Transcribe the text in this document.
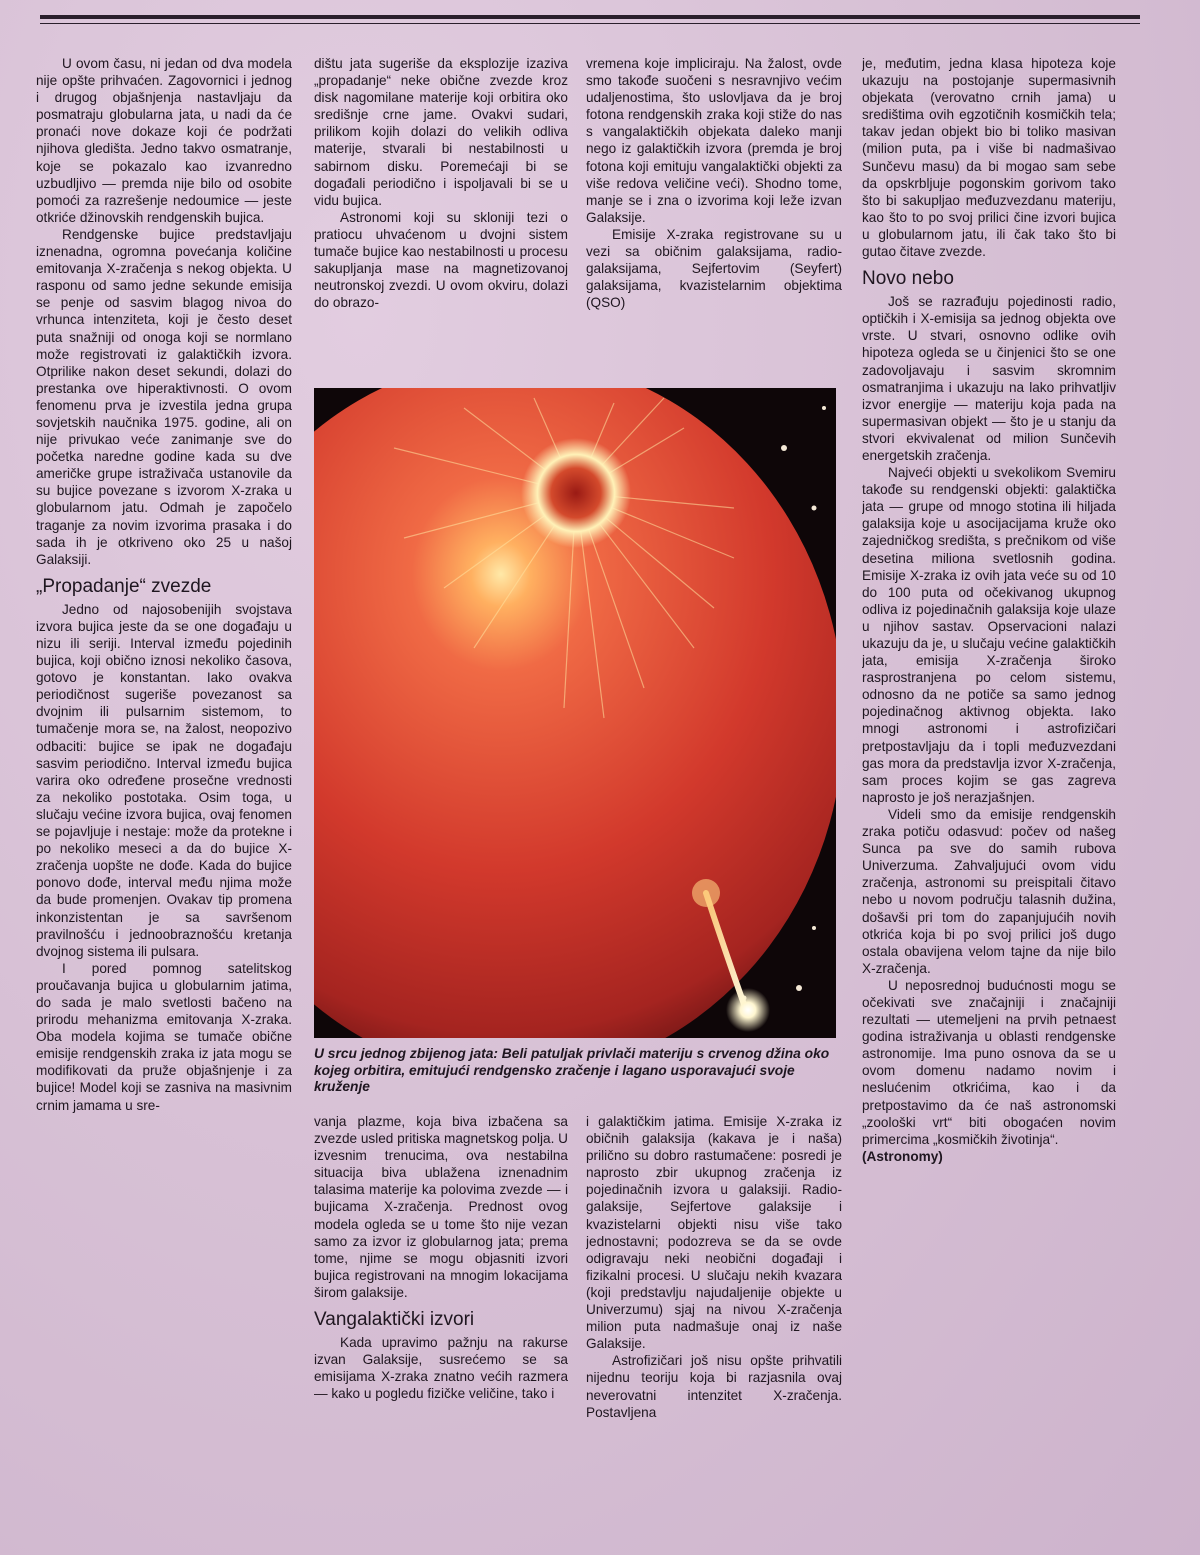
U ovom času, ni jedan od dva modela nije opšte prihvaćen. Zagovornici i jednog i drugog objašnjenja nastavljaju da posmatraju globularna jata, u nadi da će pronaći nove dokaze koji će podržati njihova gledišta. Jedno takvo osmatranje, koje se pokazalo kao izvanredno uzbudljivo — premda nije bilo od osobite pomoći za razrešenje nedoumice — jeste otkriće džinovskih rendgenskih bujica.

Rendgenske bujice predstavljaju iznenadna, ogromna povećanja količine emitovanja X-zračenja s nekog objekta. U rasponu od samo jedne sekunde emisija se penje od sasvim blagog nivoa do vrhunca intenziteta, koji je često deset puta snažniji od onoga koji se normlano može registrovati iz galaktičkih izvora. Otprilike nakon deset sekundi, dolazi do prestanka ove hiperaktivnosti. O ovom fenomenu prva je izvestila jedna grupa sovjetskih naučnika 1975. godine, ali on nije privukao veće zanimanje sve do početka naredne godine kada su dve američke grupe istraživača ustanovile da su bujice povezane s izvorom X-zraka u globularnom jatu. Odmah je započelo traganje za novim izvorima prasaka i do sada ih je otkriveno oko 25 u našoj Galaksiji.

„Propadanje“ zvezde

Jedno od najosobenijih svojstava izvora bujica jeste da se one događaju u nizu ili seriji. Interval između pojedinih bujica, koji obično iznosi nekoliko časova, gotovo je konstantan. Iako ovakva periodičnost sugeriše povezanost sa dvojnim ili pulsarnim sistemom, to tumačenje mora se, na žalost, neopozivo odbaciti: bujice se ipak ne događaju sasvim periodično. Interval između bujica varira oko određene prosečne vrednosti za nekoliko postotaka. Osim toga, u slučaju većine izvora bujica, ovaj fenomen se pojavljuje i nestaje: može da protekne i po nekoliko meseci a da do bujice X-zračenja uopšte ne dođe. Kada do bujice ponovo dođe, interval među njima može da bude promenjen. Ovakav tip promena inkonzistentan je sa savršenom pravilnošću i jednoobraznošću kretanja dvojnog sistema ili pulsara.

I pored pomnog satelitskog proučavanja bujica u globularnim jatima, do sada je malo svetlosti bačeno na prirodu mehanizma emitovanja X-zraka. Oba modela kojima se tumače obične emisije rendgenskih zraka iz jata mogu se modifikovati da pruže objašnjenje i za bujice! Model koji se zasniva na masivnim crnim jamama u sre-

dištu jata sugeriše da eksplozije izaziva „propadanje“ neke obične zvezde kroz disk nagomilane materije koji orbitira oko središnje crne jame. Ovakvi sudari, prilikom kojih dolazi do velikih odliva materije, stvarali bi nestabilnosti u sabirnom disku. Poremećaji bi se događali periodično i ispoljavali bi se u vidu bujica.

Astronomi koji su skloniji tezi o pratiocu uhvaćenom u dvojni sistem tumače bujice kao nestabilnosti u procesu sakupljanja mase na magnetizovanoj neutronskoj zvezdi. U ovom okviru, dolazi do obrazo-

vremena koje impliciraju. Na žalost, ovde smo takođe suočeni s nesravnjivo većim udaljenostima, što uslovljava da je broj fotona rendgenskih zraka koji stiže do nas s vangalaktičkih objekata daleko manji nego iz galaktičkih izvora (premda je broj fotona koji emituju vangalaktički objekti za više redova veličine veći). Shodno tome, manje se i zna o izvorima koji leže izvan Galaksije.

Emisije X-zraka registrovane su u vezi sa običnim galaksijama, radio-galaksijama, Sejfertovim (Seyfert) galaksijama, kvazistelarnim objektima (QSO)

je, međutim, jedna klasa hipoteza koje ukazuju na postojanje supermasivnih objekata (verovatno crnih jama) u središtima ovih egzotičnih kosmičkih tela; takav jedan objekt bio bi toliko masivan (milion puta, pa i više bi nadmašivao Sunčevu masu) da bi mogao sam sebe da opskrbljuje pogonskim gorivom tako što bi sakupljao međuzvezdanu materiju, kao što to po svoj prilici čine izvori bujica u globularnom jatu, ili čak tako što bi gutao čitave zvezde.

Novo nebo

Još se razrađuju pojedinosti radio, optičkih i X-emisija sa jednog objekta ove vrste. U stvari, osnovno odlike ovih hipoteza ogleda se u činjenici što se one zadovoljavaju i sasvim skromnim osmatranjima i ukazuju na lako prihvatljiv izvor energije — materiju koja pada na supermasivan objekt — što je u stanju da stvori ekvivalenat od milion Sunčevih energetskih zračenja.

Najveći objekti u svekolikom Svemiru takođe su rendgenski objekti: galaktička jata — grupe od mnogo stotina ili hiljada galaksija koje u asocijacijama kruže oko zajedničkog središta, s prečnikom od više desetina miliona svetlosnih godina. Emisije X-zraka iz ovih jata veće su od 10 do 100 puta od očekivanog ukupnog odliva iz pojedinačnih galaksija koje ulaze u njihov sastav. Opservacioni nalazi ukazuju da je, u slučaju većine galaktičkih jata, emisija X-zračenja široko rasprostranjena po celom sistemu, odnosno da ne potiče sa samo jednog pojedinačnog aktivnog objekta. Iako mnogi astronomi i astrofizičari pretpostavljaju da i topli međuzvezdani gas mora da predstavlja izvor X-zračenja, sam proces kojim se gas zagreva naprosto je još nerazjašnjen.

Videli smo da emisije rendgenskih zraka potiču odasvud: počev od našeg Sunca pa sve do samih rubova Univerzuma. Zahvaljujući ovom vidu zračenja, astronomi su preispitali čitavo nebo u novom području talasnih dužina, došavši pri tom do zapanjujućih novih otkrića koja bi po svoj prilici još dugo ostala obavijena velom tajne da nije bilo X-zračenja.

U neposrednoj budućnosti mogu se očekivati sve značajniji i značajniji rezultati — utemeljeni na prvih petnaest godina istraživanja u oblasti rendgenske astronomije. Ima puno osnova da se u ovom domenu nadamo novim i neslućenim otkrićima, kao i da pretpostavimo da će naš astronomski „zoološki vrt“ biti obogaćen novim primercima „kosmičkih životinja“.

(Astronomy)

U srcu jednog zbijenog jata: Beli patuljak privlači materiju s crvenog džina oko kojeg orbitira, emitujući rendgensko zračenje i lagano usporavajući svoje kruženje

vanja plazme, koja biva izbačena sa zvezde usled pritiska magnetskog polja. U izvesnim trenucima, ova nestabilna situacija biva ublažena iznenadnim talasima materije ka polovima zvezde — i bujicama X-zračenja. Prednost ovog modela ogleda se u tome što nije vezan samo za izvor iz globularnog jata; prema tome, njime se mogu objasniti izvori bujica registrovani na mnogim lokacijama širom galaksije.

Vangalaktički izvori

Kada upravimo pažnju na rakurse izvan Galaksije, susrećemo se sa emisijama X-zraka znatno većih razmera — kako u pogledu fizičke veličine, tako i

i galaktičkim jatima. Emisije X-zraka iz običnih galaksija (kakava je i naša) prilično su dobro rastumačene: posredi je naprosto zbir ukupnog zračenja iz pojedinačnih izvora u galaksiji. Radio-galaksije, Sejfertove galaksije i kvazistelarni objekti nisu više tako jednostavni; podozreva se da se ovde odigravaju neki neobični događaji i fizikalni procesi. U slučaju nekih kvazara (koji predstavlju najudaljenije objekte u Univerzumu) sjaj na nivou X-zračenja milion puta nadmašuje onaj iz naše Galaksije.

Astrofizičari još nisu opšte prihvatili nijednu teoriju koja bi razjasnila ovaj neverovatni intenzitet X-zračenja. Postavljena
